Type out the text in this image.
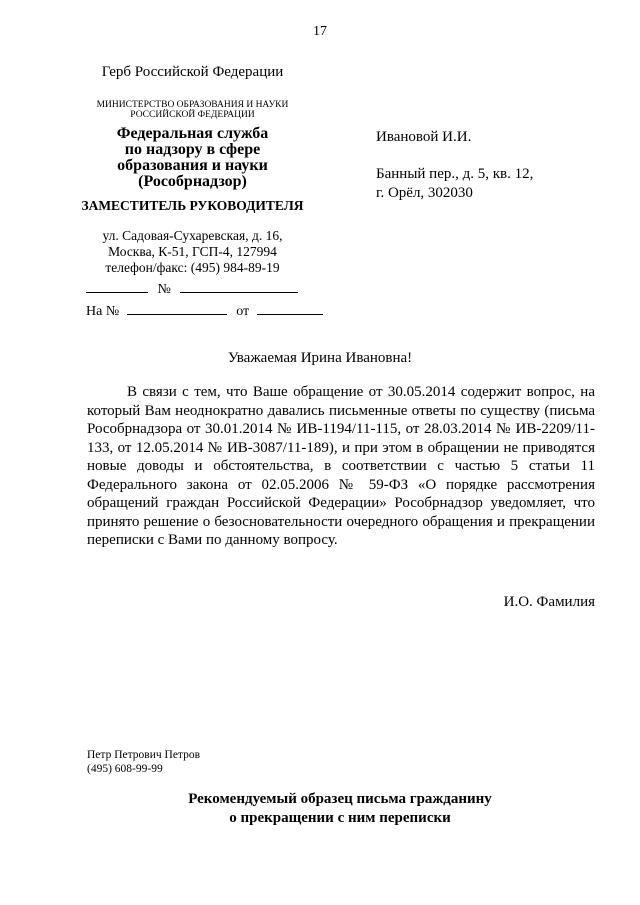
17
Герб Российской Федерации
МИНИСТЕРСТВО ОБРАЗОВАНИЯ И НАУКИ
РОССИЙСКОЙ ФЕДЕРАЦИИ
Федеральная служба
по надзору в сфере
образования и науки
(Рособрнадзор)
ЗАМЕСТИТЕЛЬ РУКОВОДИТЕЛЯ
ул. Садовая-Сухаревская, д. 16,
Москва, К-51, ГСП-4, 127994
телефон/факс: (495) 984-89-19
№
На №	от
Ивановой И.И.
Банный пер., д. 5, кв. 12,
г. Орёл, 302030
Уважаемая Ирина Ивановна!
В связи с тем, что Ваше обращение от 30.05.2014 содержит вопрос, на который Вам неоднократно давались письменные ответы по существу (письма Рособрнадзора от 30.01.2014 № ИВ-1194/11-115, от 28.03.2014 № ИВ-2209/11-133, от 12.05.2014 № ИВ-3087/11-189), и при этом в обращении не приводятся новые доводы и обстоятельства, в соответствии с частью 5 статьи 11 Федерального закона от 02.05.2006 № 59-ФЗ «О порядке рассмотрения обращений граждан Российской Федерации» Рособрнадзор уведомляет, что принято решение о безосновательности очередного обращения и прекращении переписки с Вами по данному вопросу.
И.О. Фамилия
Петр Петрович Петров
(495) 608-99-99
Рекомендуемый образец письма гражданину
о прекращении с ним переписки
